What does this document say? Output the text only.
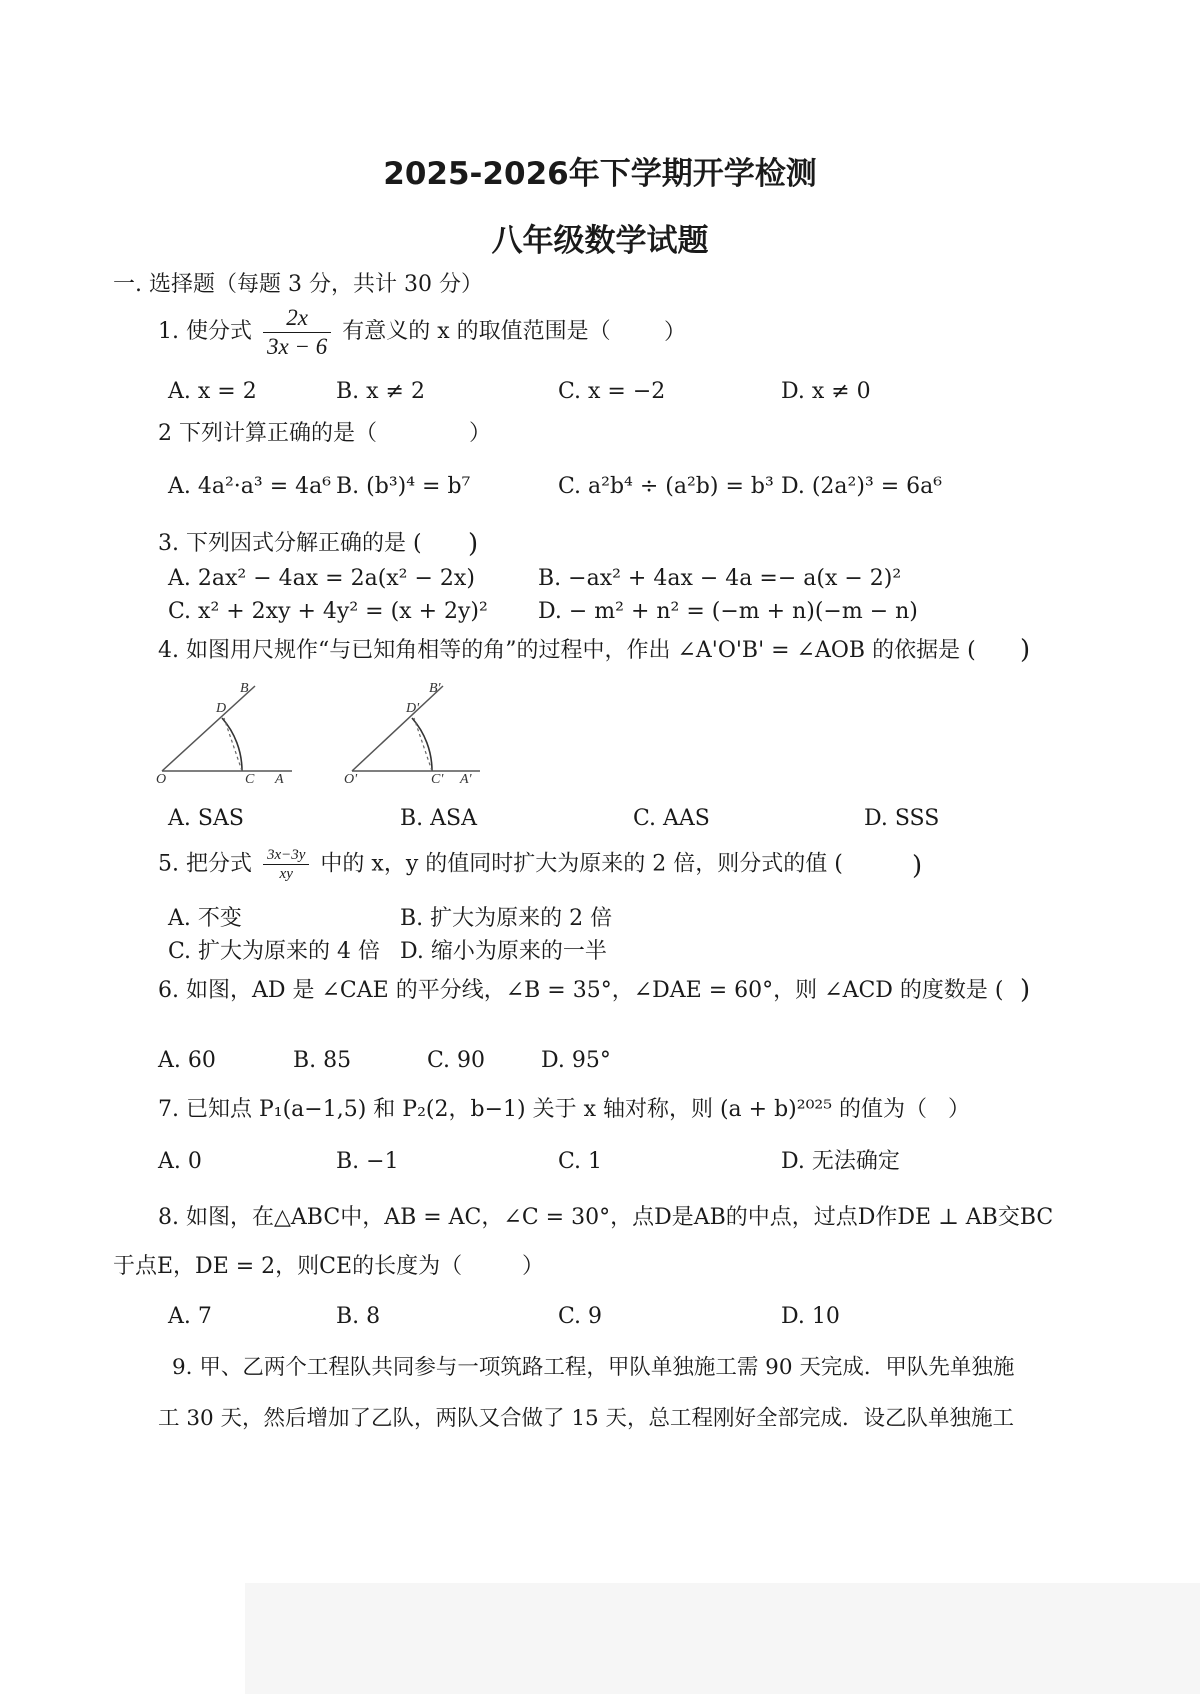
2025-2026年下学期开学检测
八年级数学试题
一. 选择题（每题 3 分，共计 30 分）
1. 使分式 $\frac{2x}{3x - 6}$ 有意义的 x 的取值范围是（ ）
A. x = 2	B. x ≠ 2	C. x = −2	D. x ≠ 0
2 下列计算正确的是（	）
A. 4a²·a³ = 4a⁶ B. (b³)⁴ = b⁷	C. a²b⁴ ÷ (a²b) = b³ D. (2a²)³ = 6a⁶
3. 下列因式分解正确的是 ( )
A. 2ax² − 4ax = 2a(x² − 2x)	B. −ax² + 4ax − 4a =− a(x − 2)²
C. x² + 2xy + 4y² = (x + 2y)² D. − m² + n² = (−m + n)(−m − n)
4. 如图用尺规作“与已知角相等的角”的过程中，作出 ∠A'O'B' = ∠AOB 的依据是 ( )
O	C A
B
D
O'	C' A'
B'
D'
A. SAS	B. ASA	C. AAS	D. SSS
5. 把分式 $\frac{3x-3y}{xy}$ 中的 x，y 的值同时扩大为原来的 2 倍，则分式的值 (	)
A. 不变	B. 扩大为原来的 2 倍
C. 扩大为原来的 4 倍 D. 缩小为原来的一半
6. 如图，AD 是 ∠CAE 的平分线，∠B = 35°，∠DAE = 60°，则 ∠ACD 的度数是 ( )
A. 60	B. 85	C. 90	D. 95°
7. 已知点 P₁(a−1,5) 和 P₂(2，b−1) 关于 x 轴对称，则 (a + b)²⁰²⁵ 的值为（ ）
A. 0	B. −1	C. 1	D. 无法确定
8. 如图，在△ABC中，AB = AC，∠C = 30°，点D是AB的中点，过点D作DE ⊥ AB交BC
于点E，DE = 2，则CE的长度为（	）
A. 7	B. 8	C. 9	D. 10
9. 甲、乙两个工程队共同参与一项筑路工程，甲队单独施工需 90 天完成．甲队先单独施
工 30 天，然后增加了乙队，两队又合做了 15 天，总工程刚好全部完成．设乙队单独施工
